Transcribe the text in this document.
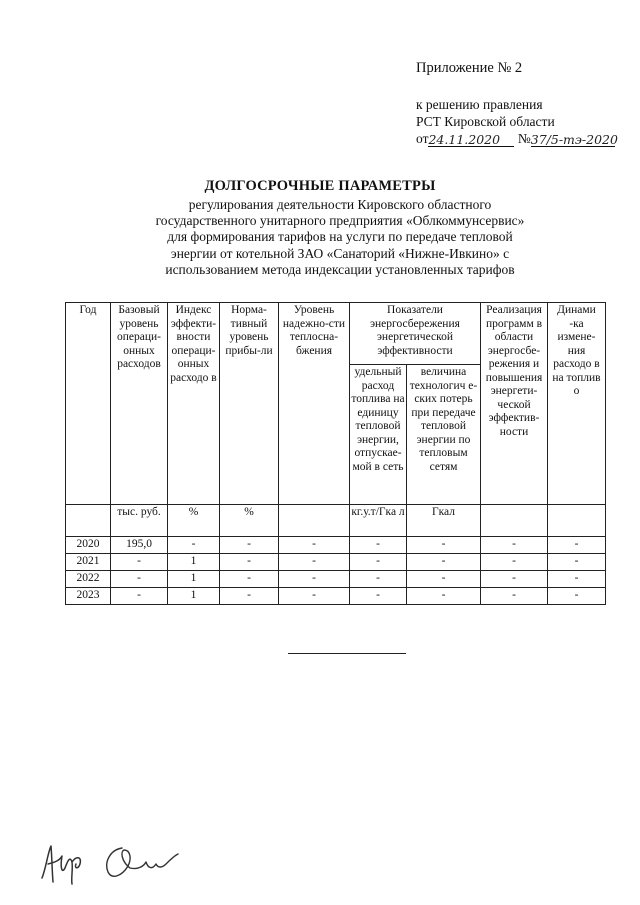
Приложение № 2
к решению правления
РСТ Кировской области
от24.11.2020 №37/5-тэ-2020
ДОЛГОСРОЧНЫЕ ПАРАМЕТРЫ
регулирования деятельности Кировского областного
государственного унитарного предприятия «Облкоммунсервис»
для формирования тарифов на услуги по передаче тепловой
энергии от котельной ЗАО «Санаторий «Нижне-Ивкино» с
использованием метода индексации установленных тарифов
Год	Базовый уровень операци-онных расходов	Индекс эффекти-вности операци-онных расходо в	Норма-тивный уровень прибы-ли	Уровень надежно-сти теплосна-бжения	Показатели энергосбережения энергетической эффективности		Реализация программ в области энергосбе-режения и повышения энергети-ческой эффектив-ности	Динами -ка измене-ния расходо в на топлив о
					удельный расход топлива на единицу тепловой энергии, отпускае-мой в сеть	величина технологич е-ских потерь при передаче тепловой энергии по тепловым сетям		
	тыс. руб.	%	%		кг.у.т/Гка л	Гкал		
2020	195,0	-	-	-	-	-	-	-
2021	-	1	-	-	-	-	-	-
2022	-	1	-	-	-	-	-	-
2023	-	1	-	-	-	-	-	-
